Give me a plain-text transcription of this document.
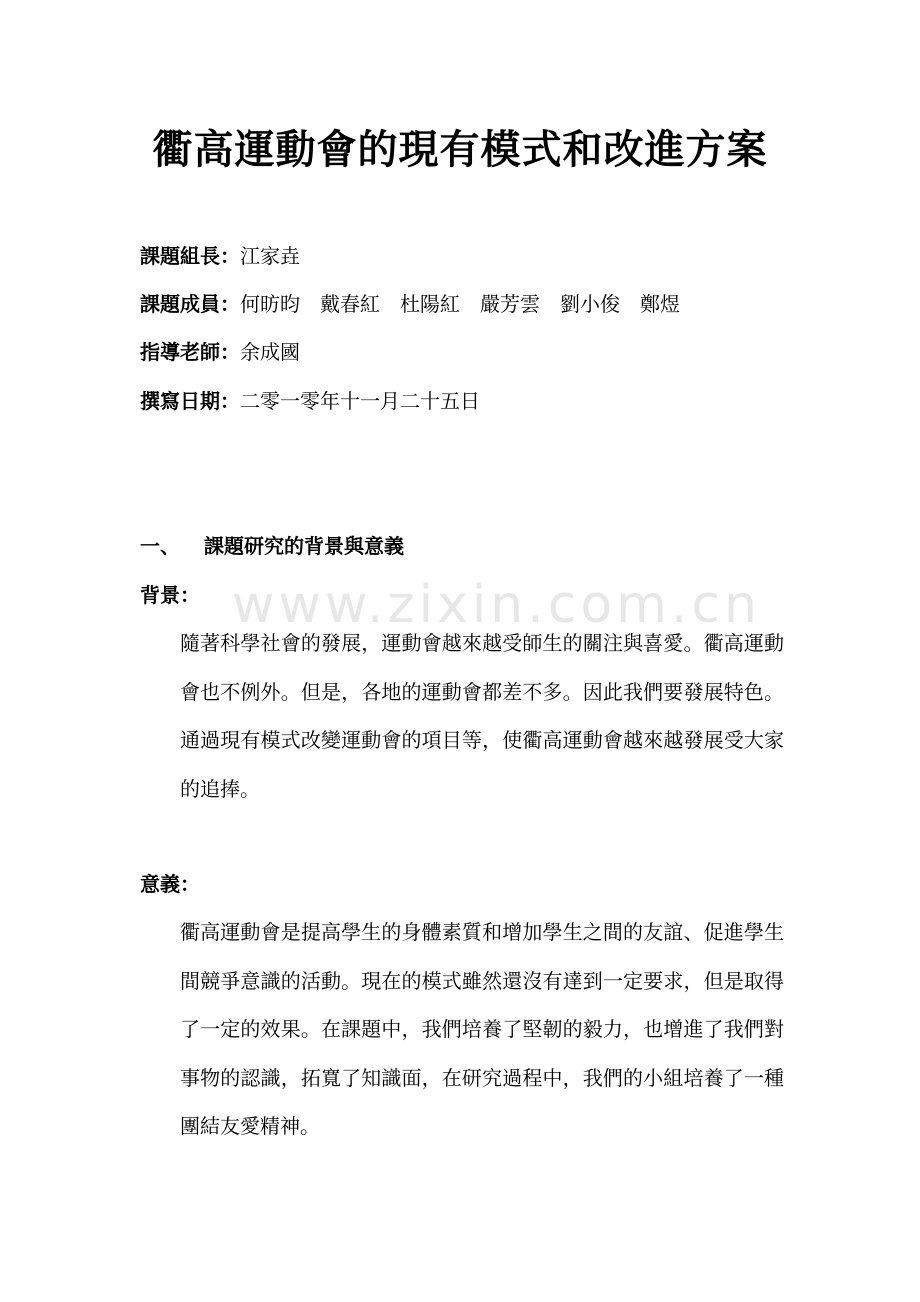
www.zixin.com.cn
衢高運動會的現有模式和改進方案
課題組長：江家垚
課題成員：何昉昀　戴春紅　杜陽紅　嚴芳雲　劉小俊　鄭煜
指導老師：余成國
撰寫日期：二零一零年十一月二十五日
一、 課題研究的背景與意義
背景：

隨著科學社會的發展，運動會越來越受師生的關注與喜愛。衢高運動會也不例外。但是，各地的運動會都差不多。因此我們要發展特色。通過現有模式改變運動會的項目等，使衢高運動會越來越發展受大家的追捧。

意義：

衢高運動會是提高學生的身體素質和增加學生之間的友誼、促進學生間競爭意識的活動。現在的模式雖然還沒有達到一定要求，但是取得了一定的效果。在課題中，我們培養了堅韌的毅力，也增進了我們對事物的認識，拓寬了知識面，在研究過程中，我們的小組培養了一種團結友愛精神。
